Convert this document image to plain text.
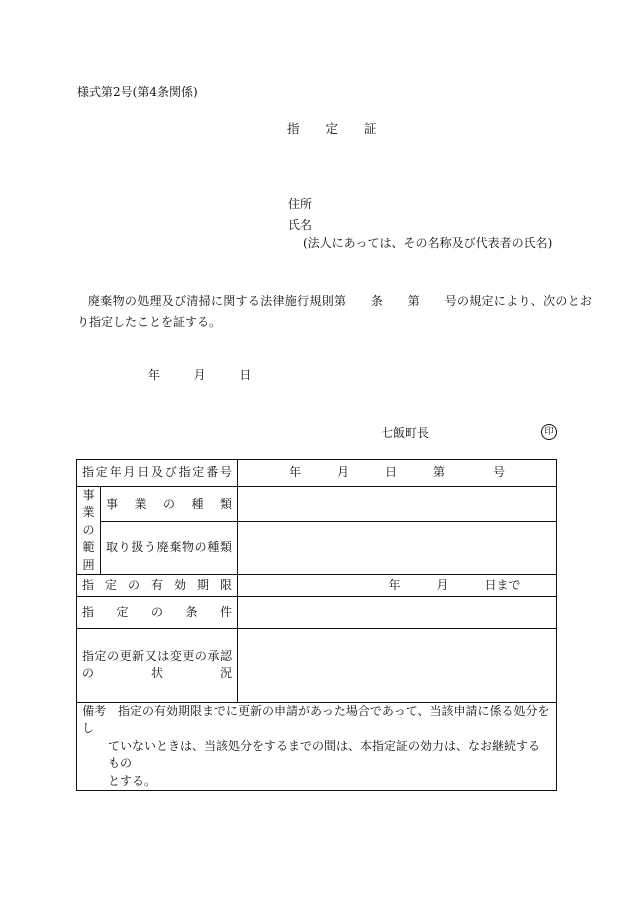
様式第2号(第4条関係)
指 定 証
住所
氏名
(法人にあっては、その名称及び代表者の氏名)
廃棄物の処理及び清掃に関する法律施行規則第　　条　　第　　号の規定により、次のとお
り指定したことを証する。
年	月	日
七飯町長	印
指定年月日及び指定番号		年　　　月　　　日　　　第　　　　号

事
業
の
範
囲	事　業　の　種　類	
	取り扱う廃棄物の種類	
指定の有効期限		年　　　月　　　日まで
指定の条件		

指定の更新又は変更の承認
の　　　状　　　況		

備考　指定の有効期限までに更新の申請があった場合であって、当該申請に係る処分をし
ていないときは、当該処分をするまでの間は、本指定証の効力は、なお継続するもの
とする。		
